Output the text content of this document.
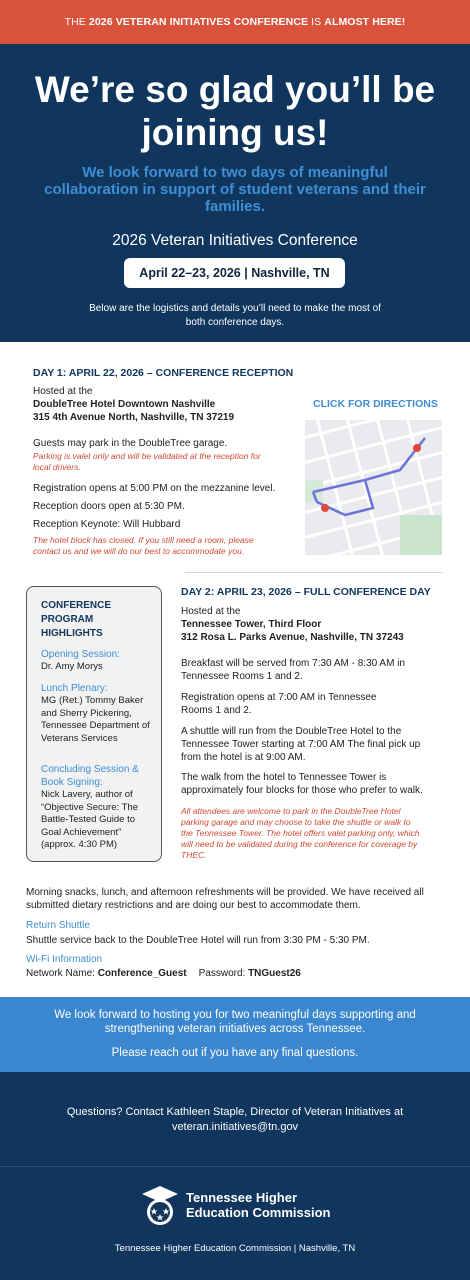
THE 2026 VETERAN INITIATIVES CONFERENCE IS ALMOST HERE!
We’re so glad you’ll be joining us!
We look forward to two days of meaningful collaboration in support of student veterans and their families.
2026 Veteran Initiatives Conference
April 22–23, 2026 | Nashville, TN
Below are the logistics and details you’ll need to make the most of both conference days.
DAY 1: APRIL 22, 2026 – CONFERENCE RECEPTION
Hosted at the
DoubleTree Hotel Downtown Nashville
315 4th Avenue North, Nashville, TN 37219
CLICK FOR DIRECTIONS
Guests may park in the DoubleTree garage.
Parking is valet only and will be validated at the reception for local drivers.
Registration opens at 5:00 PM on the mezzanine level.
Reception doors open at 5:30 PM.
Reception Keynote: Will Hubbard
The hotel block has closed. If you still need a room, please contact us and we will do our best to accommodate you.
CONFERENCE PROGRAM HIGHLIGHTS
Opening Session:
Dr. Amy Morys
Lunch Plenary:
MG (Ret.) Tommy Baker and Sherry Pickering, Tennessee Department of Veterans Services
Concluding Session & Book Signing:
Nick Lavery, author of “Objective Secure: The Battle-Tested Guide to Goal Achievement” (approx. 4:30 PM)
DAY 2: APRIL 23, 2026 – FULL CONFERENCE DAY
Hosted at the
Tennessee Tower, Third Floor
312 Rosa L. Parks Avenue, Nashville, TN 37243
Breakfast will be served from 7:30 AM - 8:30 AM in Tennessee Rooms 1 and 2.
Registration opens at 7:00 AM in Tennessee Rooms 1 and 2.
A shuttle will run from the DoubleTree Hotel to the Tennessee Tower starting at 7:00 AM The final pick up from the hotel is at 9:00 AM.
The walk from the hotel to Tennessee Tower is approximately four blocks for those who prefer to walk.
All attendees are welcome to park in the DoubleTree Hotel parking garage and may choose to take the shuttle or walk to the Tennessee Tower. The hotel offers valet parking only, which will need to be validated during the conference for coverage by THEC.
Morning snacks, lunch, and afternoon refreshments will be provided. We have received all submitted dietary restrictions and are doing our best to accommodate them.
Return Shuttle
Shuttle service back to the DoubleTree Hotel will run from 3:30 PM - 5:30 PM.
Wi-Fi Information
Network Name: Conference_Guest Password: TNGuest26
We look forward to hosting you for two meaningful days supporting and strengthening veteran initiatives across Tennessee.
Please reach out if you have any final questions.
Questions? Contact Kathleen Staple, Director of Veteran Initiatives at veteran.initiatives@tn.gov
Tennessee Higher
Education Commission
Tennessee Higher Education Commission | Nashville, TN
